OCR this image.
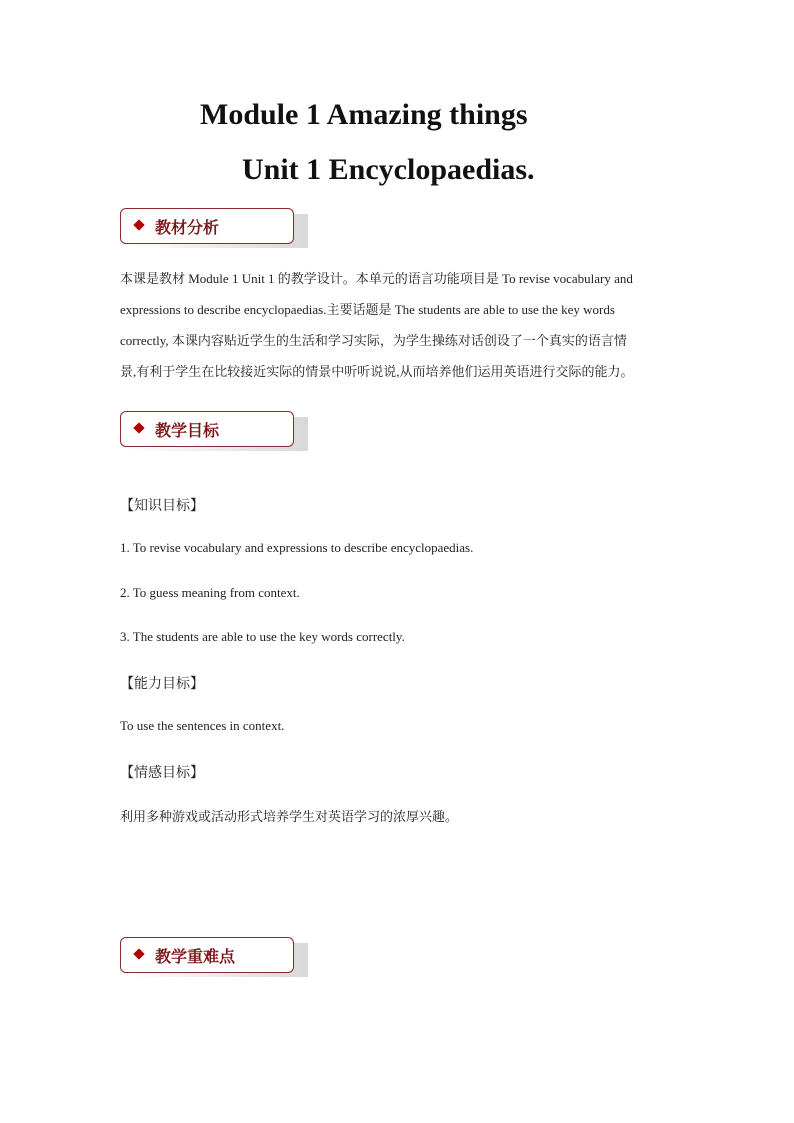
Module 1 Amazing things
Unit 1 Encyclopaedias.
教材分析
本课是教材 Module 1 Unit 1 的教学设计。本单元的语言功能项目是 To revise vocabulary and
expressions to describe encyclopaedias.主要话题是 The students are able to use the key words
correctly, 本课内容贴近学生的生活和学习实际，为学生操练对话创设了一个真实的语言情
景,有利于学生在比较接近实际的情景中听听说说,从而培养他们运用英语进行交际的能力。
教学目标
【知识目标】
1. To revise vocabulary and expressions to describe encyclopaedias.
2. To guess meaning from context.
3. The students are able to use the key words correctly.
【能力目标】
To use the sentences in context.
【情感目标】
利用多种游戏或活动形式培养学生对英语学习的浓厚兴趣。
教学重难点
